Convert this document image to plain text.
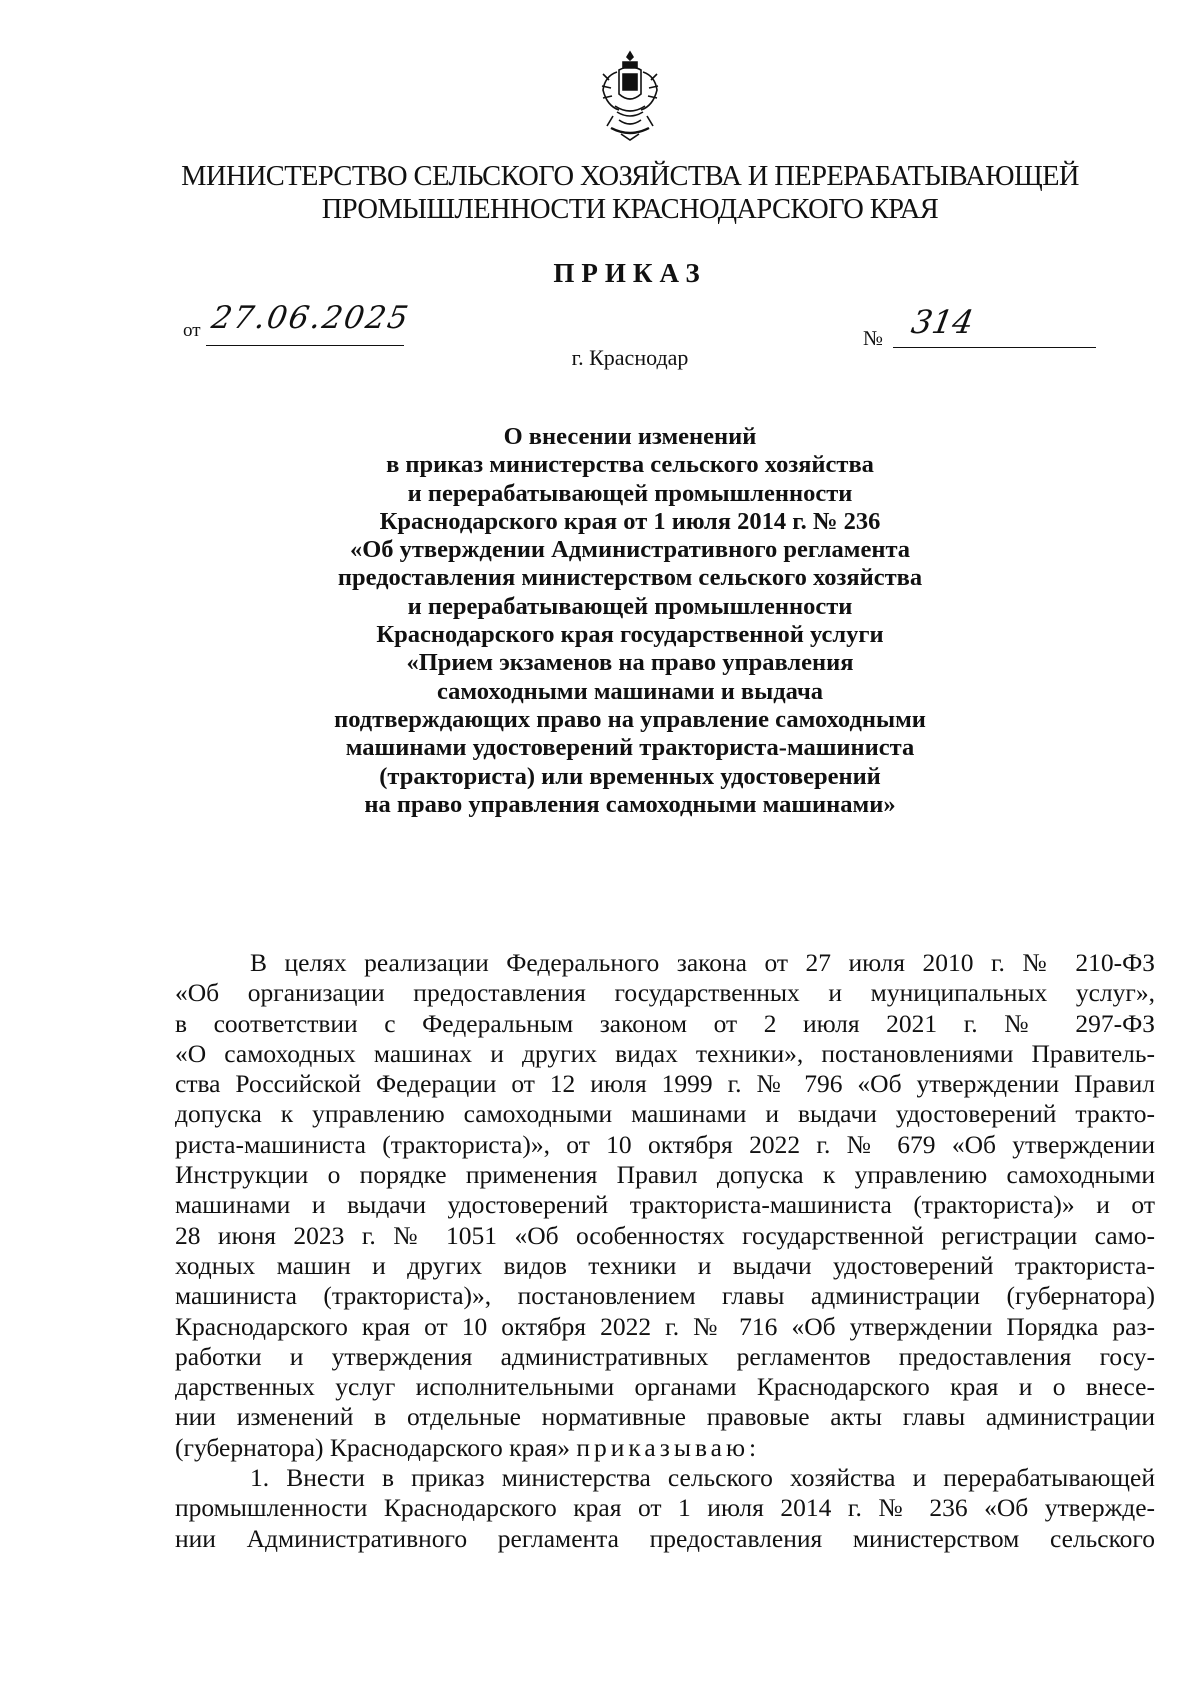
МИНИСТЕРСТВО СЕЛЬСКОГО ХОЗЯЙСТВА И ПЕРЕРАБАТЫВАЮЩЕЙ
ПРОМЫШЛЕННОСТИ КРАСНОДАРСКОГО КРАЯ
ПРИКАЗ
от 27.06.2025
№ 314
г. Краснодар
О внесении изменений
в приказ министерства сельского хозяйства
и перерабатывающей промышленности
Краснодарского края от 1 июля 2014 г. № 236
«Об утверждении Административного регламента
предоставления министерством сельского хозяйства
и перерабатывающей промышленности
Краснодарского края государственной услуги
«Прием экзаменов на право управления
самоходными машинами и выдача
подтверждающих право на управление самоходными
машинами удостоверений тракториста-машиниста
(тракториста) или временных удостоверений
на право управления самоходными машинами»
В целях реализации Федерального закона от 27 июля 2010 г. № 210-ФЗ
«Об организации предоставления государственных и муниципальных услуг»,
в соответствии с Федеральным законом от 2 июля 2021 г. № 297-ФЗ
«О самоходных машинах и других видах техники», постановлениями Правитель-
ства Российской Федерации от 12 июля 1999 г. № 796 «Об утверждении Правил
допуска к управлению самоходными машинами и выдачи удостоверений тракто-
риста-машиниста (тракториста)», от 10 октября 2022 г. № 679 «Об утверждении
Инструкции о порядке применения Правил допуска к управлению самоходными
машинами и выдачи удостоверений тракториста-машиниста (тракториста)» и от
28 июня 2023 г. № 1051 «Об особенностях государственной регистрации само-
ходных машин и других видов техники и выдачи удостоверений тракториста-
машиниста (тракториста)», постановлением главы администрации (губернатора)
Краснодарского края от 10 октября 2022 г. № 716 «Об утверждении Порядка раз-
работки и утверждения административных регламентов предоставления госу-
дарственных услуг исполнительными органами Краснодарского края и о внесе-
нии изменений в отдельные нормативные правовые акты главы администрации
(губернатора) Краснодарского края» приказываю:
1. Внести в приказ министерства сельского хозяйства и перерабатывающей
промышленности Краснодарского края от 1 июля 2014 г. № 236 «Об утвержде-
нии Административного регламента предоставления министерством сельского
